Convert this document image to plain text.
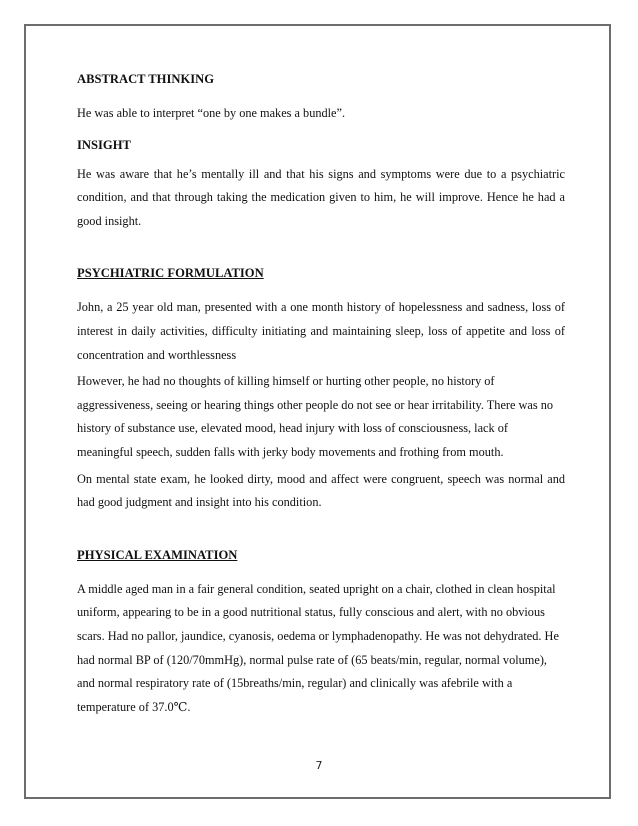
ABSTRACT THINKING

He was able to interpret “one by one makes a bundle”.

INSIGHT

He was aware that he’s mentally ill and that his signs and symptoms were due to a psychiatric condition, and that through taking the medication given to him, he will improve. Hence he had a good insight.

PSYCHIATRIC FORMULATION

John, a 25 year old man, presented with a one month history of hopelessness and sadness, loss of interest in daily activities, difficulty initiating and maintaining sleep, loss of appetite and loss of concentration and worthlessness

However, he had no thoughts of killing himself or hurting other people, no history of aggressiveness, seeing or hearing things other people do not see or hear irritability. There was no history of substance use, elevated mood, head injury with loss of consciousness, lack of meaningful speech, sudden falls with jerky body movements and frothing from mouth.

On mental state exam, he looked dirty, mood and affect were congruent, speech was normal and had good judgment and insight into his condition.

PHYSICAL EXAMINATION

A middle aged man in a fair general condition, seated upright on a chair, clothed in clean hospital uniform, appearing to be in a good nutritional status, fully conscious and alert, with no obvious scars. Had no pallor, jaundice, cyanosis, oedema or lymphadenopathy. He was not dehydrated. He had normal BP of (120/70mmHg), normal pulse rate of (65 beats/min, regular, normal volume), and normal respiratory rate of (15breaths/min, regular) and clinically was afebrile with a temperature of 37.0℃.

7
